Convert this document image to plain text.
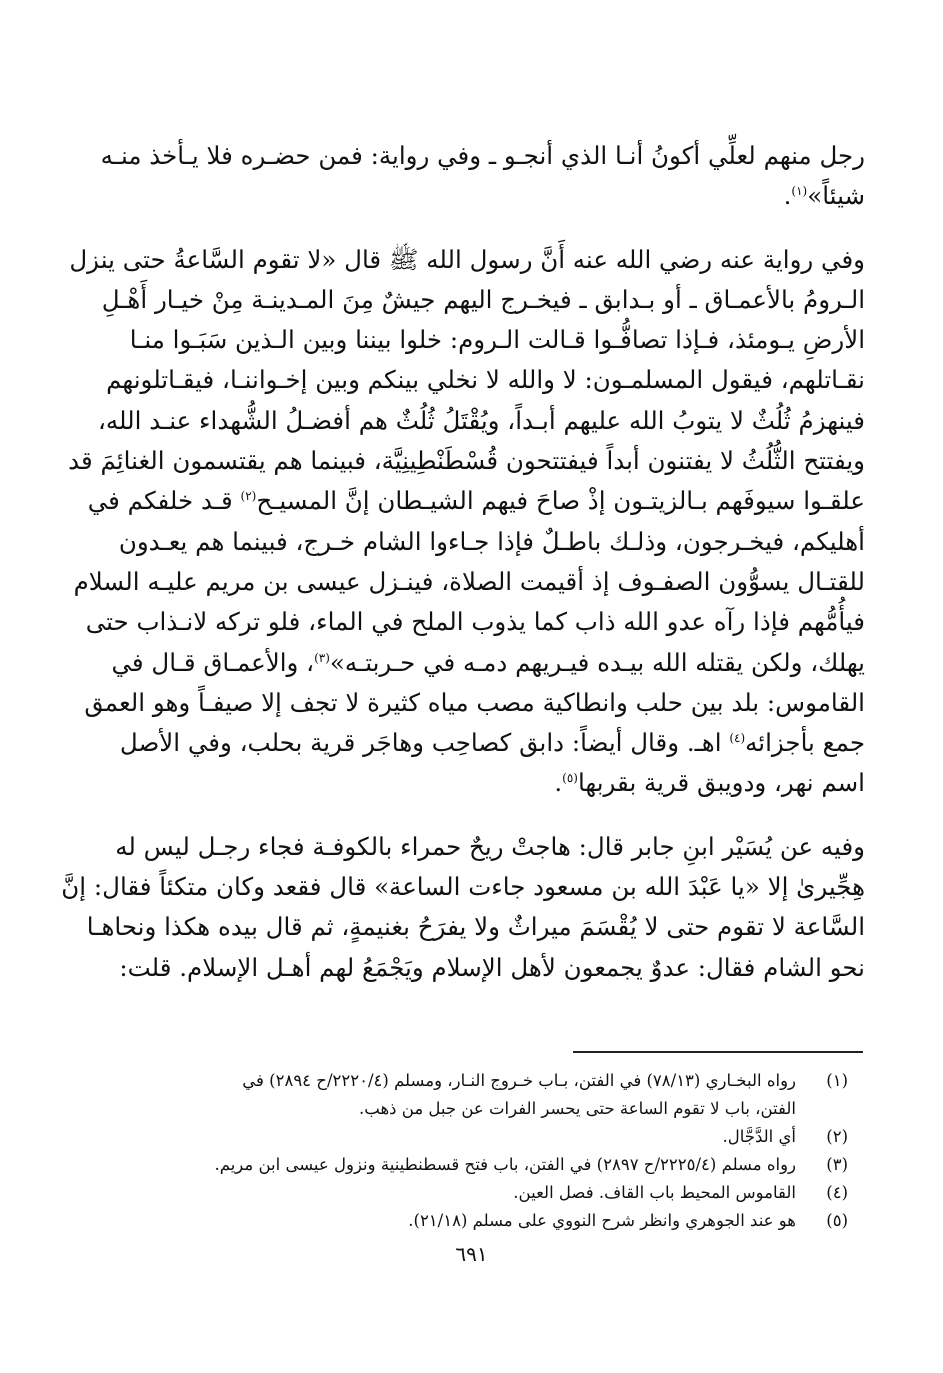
رجل منهم لعلِّي أكونُ أنـا الذي أنجـو ـ وفي رواية: فمن حضـره فلا يـأخذ منـه
شيئاً»$^{(١)}$.

وفي رواية عنه رضي الله عنه أَنَّ رسول الله ﷺ قال «لا تقوم السَّاعةُ حتى ينزل
الـرومُ بالأعمـاق ـ أو بـدابق ـ فيخـرج اليهم جيشٌ مِنَ المـدينـة مِنْ خيـار أَهْـلِ
الأرضِ يـومئذ، فـإذا تصافُّـوا قـالت الـروم: خلوا بيننا وبين الـذين سَبَـوا منـا
نقـاتلهم، فيقول المسلمـون: لا والله لا نخلي بينكم وبين إخـواننـا، فيقـاتلونهم
فينهزمُ ثُلُثٌ لا يتوبُ الله عليهم أبـداً، ويُقْتَلُ ثُلُثٌ هم أفضـلُ الشُّهداء عنـد الله،
ويفتتح الثُّلُثُ لا يفتنون أبداً فيفتتحون قُسْطَنْطِينِيَّة، فبينما هم يقتسمون الغنائِمَ قد
علقـوا سيوفَهم بـالزيتـون إذْ صاحَ فيهم الشيـطان إنَّ المسيـح$^{(٢)}$ قـد خلفكم في
أهليكم، فيخـرجون، وذلـك باطـلٌ فإذا جـاءوا الشام خـرج، فبينما هم يعـدون
للقتـال يسوُّون الصفـوف إذ أقيمت الصلاة، فينـزل عيسى بن مريم عليـه السلام
فيأُمُّهم فإذا رآه عدو الله ذاب كما يذوب الملح في الماء، فلو تركه لانـذاب حتى
يهلك، ولكن يقتله الله بيـده فيـريهم دمـه في حـربتـه»$^{(٣)}$، والأعمـاق قـال في
القاموس: بلد بين حلب وانطاكية مصب مياه كثيرة لا تجف إلا صيفـاً وهو العمق
جمع بأجزائه$^{(٤)}$ اهـ. وقال أيضاً: دابق كصاحِب وهاجَر قرية بحلب، وفي الأصل
اسم نهر، ودويبق قرية بقربها$^{(٥)}$.

وفيه عن يُسَيْر ابنِ جابر قال: هاجتْ ريحٌ حمراء بالكوفـة فجاء رجـل ليس له
هِجِّيرىٰ إلا «يا عَبْدَ الله بن مسعود جاءت الساعة» قال فقعد وكان متكئاً فقال: إنَّ
السَّاعة لا تقوم حتى لا يُقْسَمَ ميراثٌ ولا يفرَحُ بغنيمةٍ، ثم قال بيده هكذا ونحاهـا
نحو الشام فقال: عدوٌ يجمعون لأهل الإسلام ويَجْمَعُ لهم أهـل الإسلام. قلت:

(١)
رواه البخـاري (٧٨/١٣) في الفتن، بـاب خـروج النـار، ومسلم (٢٢٢٠/٤/ح ٢٨٩٤) في
الفتن، باب لا تقوم الساعة حتى يحسر الفرات عن جبل من ذهب.
(٢)
أي الدَّجَّال.
(٣)
رواه مسلم (٢٢٢٥/٤/ح ٢٨٩٧) في الفتن، باب فتح قسطنطينية ونزول عيسى ابن مريم.
(٤)
القاموس المحيط باب القاف. فصل العين.
(٥)
هو عند الجوهري وانظر شرح النووي على مسلم (٢١/١٨).
٦٩١
